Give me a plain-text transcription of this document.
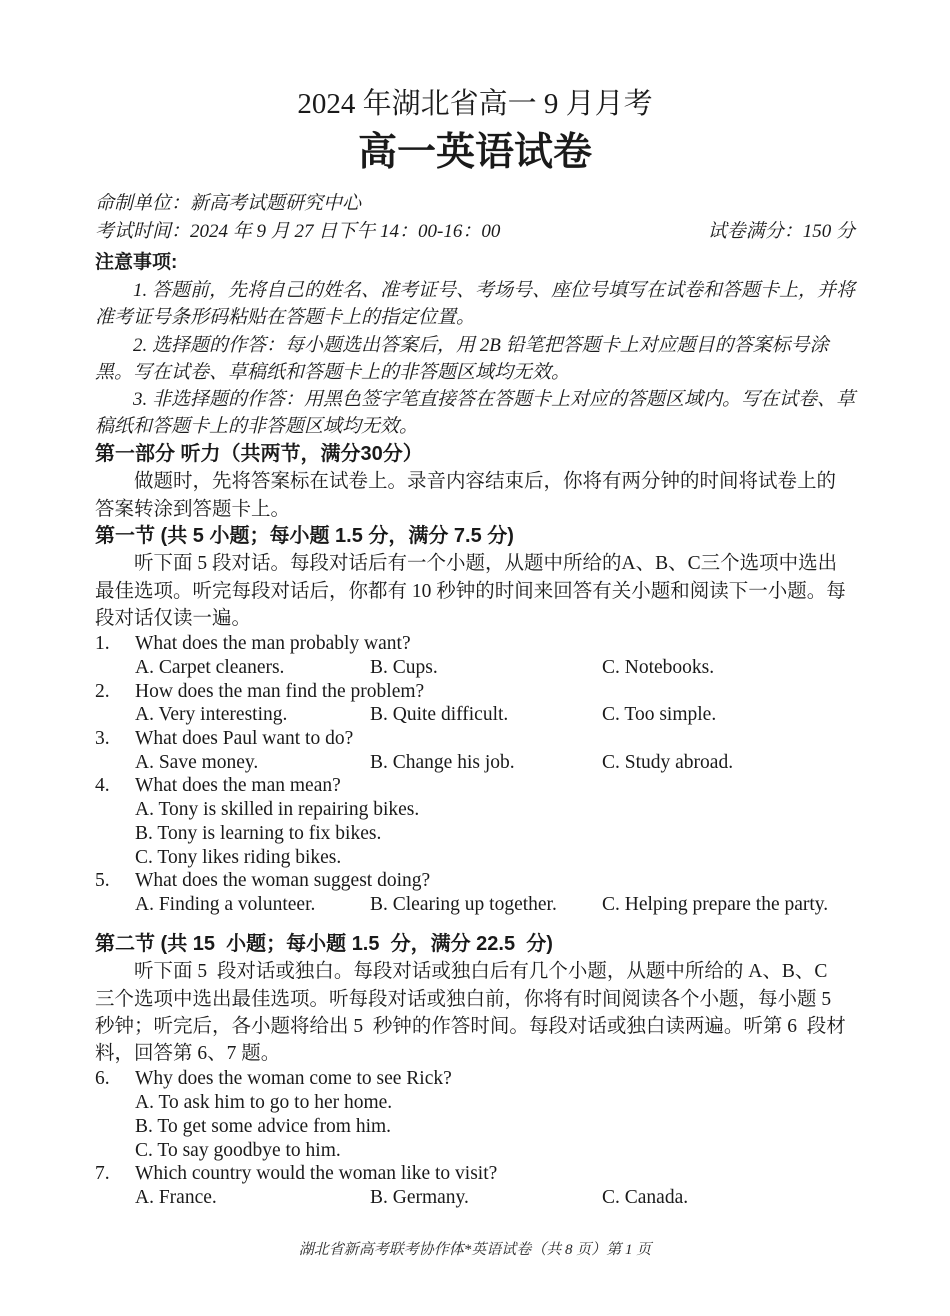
2024 年湖北省高一 9 月月考
高一英语试卷

命制单位：新高考试题研究中心

考试时间：2024 年 9 月 27 日下午 14：00-16：00	试卷满分：150 分

注意事项:

1. 答题前，先将自己的姓名、准考证号、考场号、座位号填写在试卷和答题卡上，并将准考证号条形码粘贴在答题卡上的指定位置。

2. 选择题的作答：每小题选出答案后，用 2B 铅笔把答题卡上对应题目的答案标号涂黑。写在试卷、草稿纸和答题卡上的非答题区域均无效。

3. 非选择题的作答：用黑色签字笔直接答在答题卡上对应的答题区域内。写在试卷、草稿纸和答题卡上的非答题区域均无效。

第一部分 听力（共两节，满分30分）

做题时，先将答案标在试卷上。录音内容结束后，你将有两分钟的时间将试卷上的答案转涂到答题卡上。

第一节 (共 5 小题；每小题 1.5 分，满分 7.5 分)

听下面 5 段对话。每段对话后有一个小题，从题中所给的A、B、C三个选项中选出最佳选项。听完每段对话后，你都有 10 秒钟的时间来回答有关小题和阅读下一小题。每段对话仅读一遍。

1.	What does the man probably want?
A. Carpet cleaners.	B. Cups.	C. Notebooks.
2.	How does the man find the problem?
A. Very interesting.	B. Quite difficult.	C. Too simple.
3.	What does Paul want to do?
A. Save money.	B. Change his job.	C. Study abroad.
4.	What does the man mean?
A. Tony is skilled in repairing bikes.
B. Tony is learning to fix bikes.
C. Tony likes riding bikes.
5.	What does the woman suggest doing?
A. Finding a volunteer.	B. Clearing up together.	C. Helping prepare the party.
第二节 (共 15  小题；每小题 1.5  分，满分 22.5  分)

听下面 5  段对话或独白。每段对话或独白后有几个小题，从题中所给的 A、B、C  三个选项中选出最佳选项。听每段对话或独白前，你将有时间阅读各个小题，每小题 5  秒钟；听完后，各小题将给出 5  秒钟的作答时间。每段对话或独白读两遍。听第 6  段材料，回答第 6、7 题。

6.	Why does the woman come to see Rick?
A. To ask him to go to her home.
B. To get some advice from him.
C. To say goodbye to him.
7.	Which country would the woman like to visit?
A. France.	B. Germany.	C. Canada.
湖北省新高考联考协作体*英语试卷（共 8 页）第 1 页
